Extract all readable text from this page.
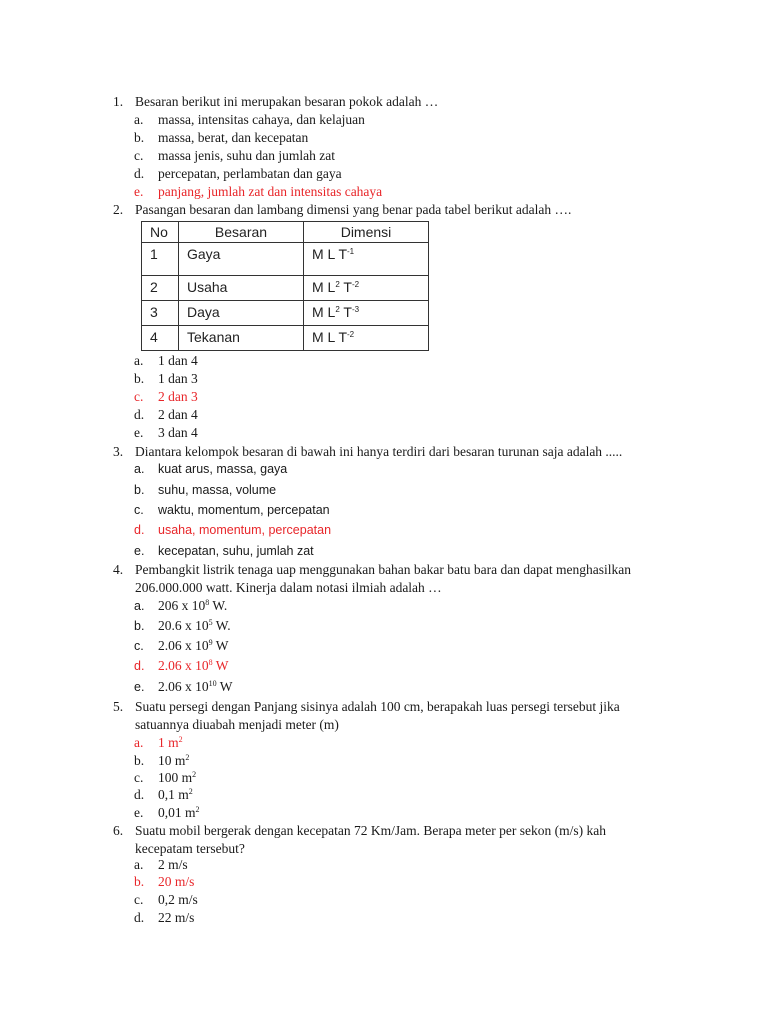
1. Besaran berikut ini merupakan besaran pokok adalah …
a. massa, intensitas cahaya, dan kelajuan
b. massa, berat, dan kecepatan
c. massa jenis, suhu dan jumlah zat
d. percepatan, perlambatan dan gaya
e. panjang, jumlah zat dan intensitas cahaya
2. Pasangan besaran dan lambang dimensi yang benar pada tabel berikut adalah ….
No	Besaran	Dimensi
1	Gaya	M L $T^{-1}$
2	Usaha	M $L^2$ $T^{-2}$
3	Daya	M $L^2$ $T^{-3}$
4	Tekanan	M L $T^{-2}$
a. 1 dan 4
b. 1 dan 3
c. 2 dan 3
d. 2 dan 4
e. 3 dan 4
3. Diantara kelompok besaran di bawah ini hanya terdiri dari besaran turunan saja adalah .....
a. kuat arus, massa, gaya
b. suhu, massa, volume
c. waktu, momentum, percepatan
d. usaha, momentum, percepatan
e. kecepatan, suhu, jumlah zat
4. Pembangkit listrik tenaga uap menggunakan bahan bakar batu bara dan dapat menghasilkan
206.000.000 watt. Kinerja dalam notasi ilmiah adalah …
a. 206 x $10^8$ W.
b. 20.6 x $10^5$ W.
c. 2.06 x $10^9$ W
d. 2.06 x $10^8$ W
e. 2.06 x $10^{10}$ W
5. Suatu persegi dengan Panjang sisinya adalah 100 cm, berapakah luas persegi tersebut jika
satuannya diuabah menjadi meter (m)
a. 1 $m^2$
b. 10 $m^2$
c. 100 $m^2$
d. 0,1 $m^2$
e. 0,01 $m^2$
6. Suatu mobil bergerak dengan kecepatan 72 Km/Jam. Berapa meter per sekon (m/s) kah
kecepatam tersebut?
a. 2 m/s
b. 20 m/s
c. 0,2 m/s
d. 22 m/s
